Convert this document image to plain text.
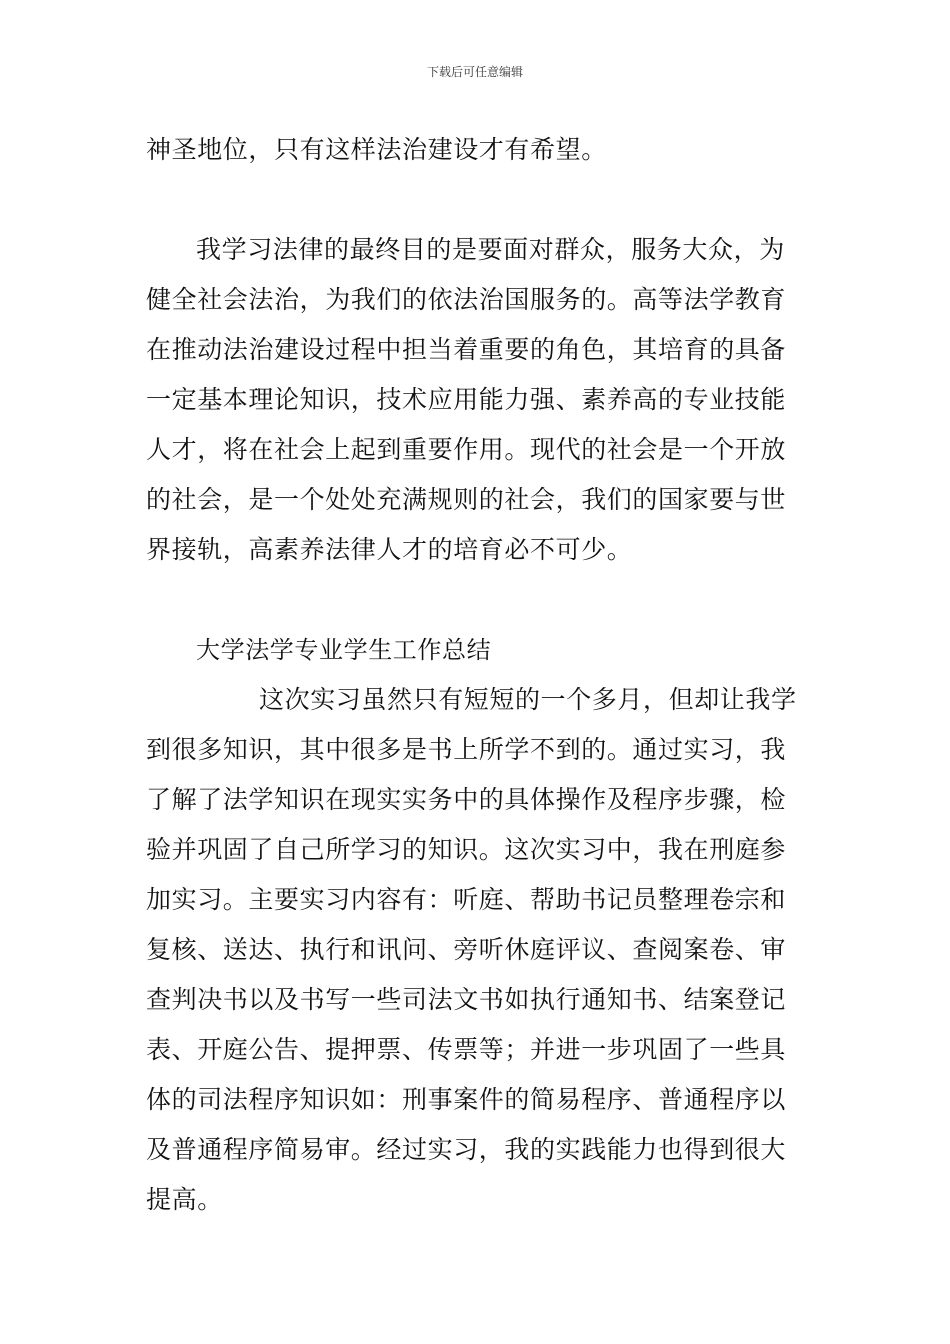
下载后可任意编辑
神圣地位，只有这样法治建设才有希望。
我学习法律的最终目的是要面对群众，服务大众，为
健全社会法治，为我们的依法治国服务的。高等法学教育
在推动法治建设过程中担当着重要的角色，其培育的具备
一定基本理论知识，技术应用能力强、素养高的专业技能
人才，将在社会上起到重要作用。现代的社会是一个开放
的社会，是一个处处充满规则的社会，我们的国家要与世
界接轨，高素养法律人才的培育必不可少。
大学法学专业学生工作总结
这次实习虽然只有短短的一个多月，但却让我学
到很多知识，其中很多是书上所学不到的。通过实习，我
了解了法学知识在现实实务中的具体操作及程序步骤，检
验并巩固了自己所学习的知识。这次实习中，我在刑庭参
加实习。主要实习内容有：听庭、帮助书记员整理卷宗和
复核、送达、执行和讯问、旁听休庭评议、查阅案卷、审
查判决书以及书写一些司法文书如执行通知书、结案登记
表、开庭公告、提押票、传票等；并进一步巩固了一些具
体的司法程序知识如：刑事案件的简易程序、普通程序以
及普通程序简易审。经过实习，我的实践能力也得到很大
提高。
